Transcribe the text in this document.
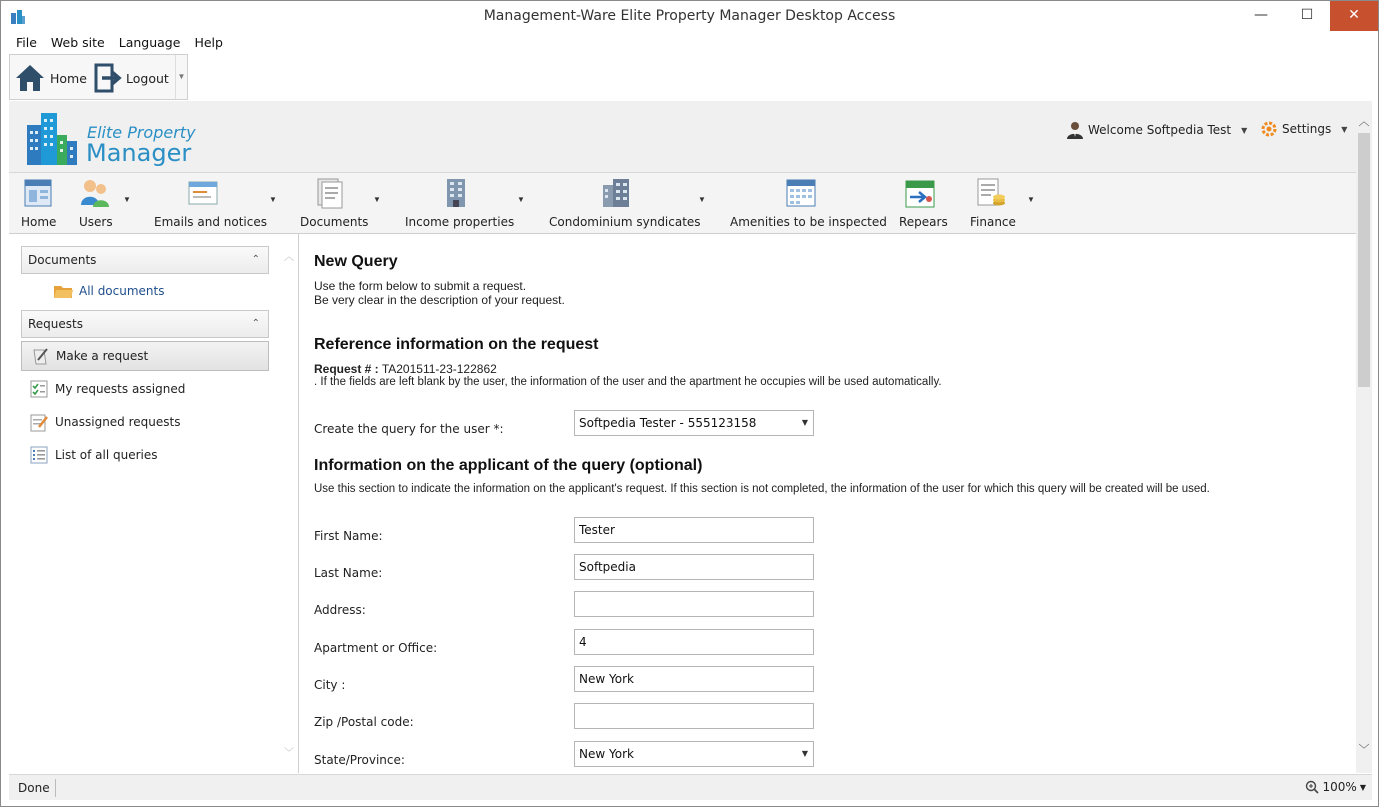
Management-Ware Elite Property Manager Desktop Access	—	☐	✕
File	Web site	Language	Help
Home	Logout	▼
Elite Property
Manager
Welcome Softpedia Test ▼	Settings ▼
Home Users
▼
Emails and notices
▼
Documents
▼
Income properties
▼
Condominium syndicates
▼
Amenities to be inspected Repears Finance
▼
Documents	⌃
All documents
Requests	⌃
Make a request
My requests assigned
Unassigned requests
List of all queries
︿
﹀
New Query
Use the form below to submit a request.
Be very clear in the description of your request.
Reference information on the request
Request # : TA201511-23-122862
. If the fields are left blank by the user, the information of the user and the apartment he occupies will be used automatically.
Create the query for the user *:	Softpedia Tester - 555123158	▼
Information on the applicant of the query (optional)
Use this section to indicate the information on the applicant's request. If this section is not completed, the information of the user for which this query will be created will be used.
First Name:	Tester
Last Name:	Softpedia
Address:
Apartment or Office:	4
City :	New York
Zip /Postal code:
State/Province:	New York	▼
︿
﹀
Done	100% ▼
